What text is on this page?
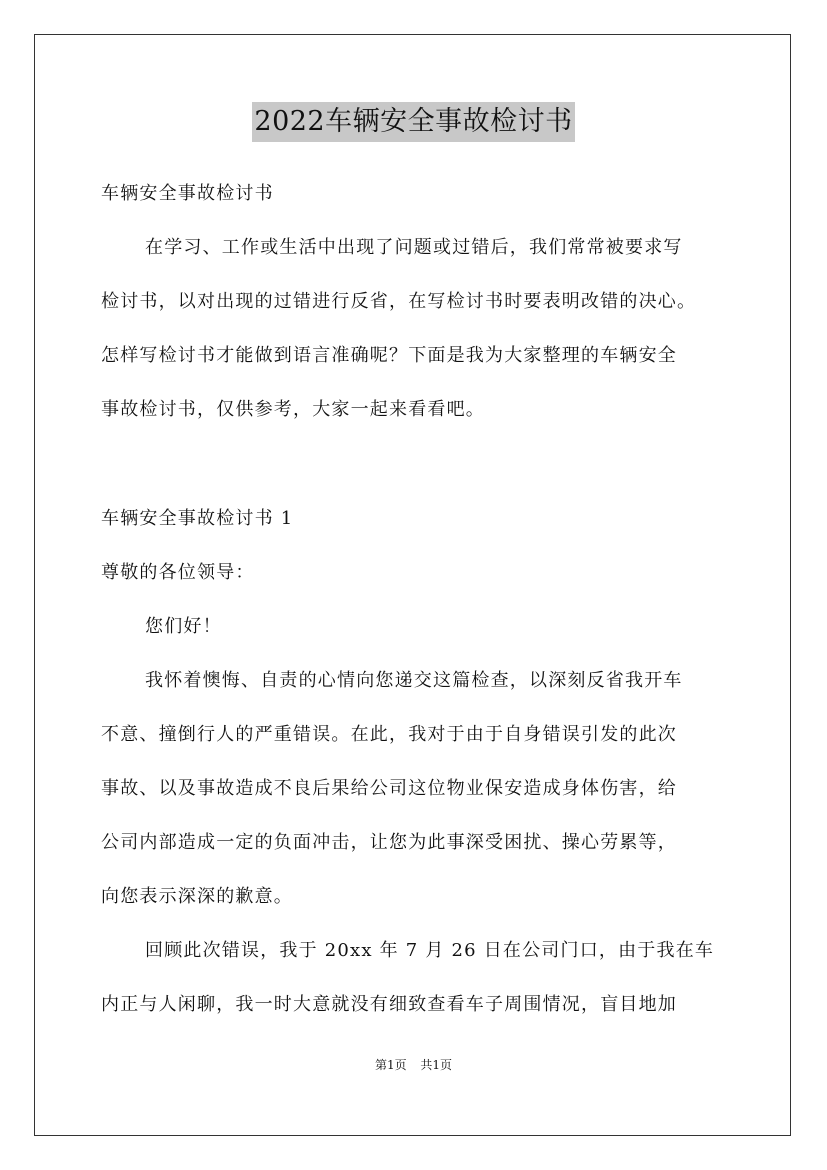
2022车辆安全事故检讨书
车辆安全事故检讨书
在学习、工作或生活中出现了问题或过错后，我们常常被要求写
检讨书，以对出现的过错进行反省，在写检讨书时要表明改错的决心。
怎样写检讨书才能做到语言准确呢？下面是我为大家整理的车辆安全
事故检讨书，仅供参考，大家一起来看看吧。
车辆安全事故检讨书 1
尊敬的各位领导：
您们好！
我怀着懊悔、自责的心情向您递交这篇检查，以深刻反省我开车
不意、撞倒行人的严重错误。在此，我对于由于自身错误引发的此次
事故、以及事故造成不良后果给公司这位物业保安造成身体伤害，给
公司内部造成一定的负面冲击，让您为此事深受困扰、操心劳累等，
向您表示深深的歉意。
回顾此次错误，我于 20xx 年 7 月 26 日在公司门口，由于我在车
内正与人闲聊，我一时大意就没有细致查看车子周围情况，盲目地加
第1页 共1页
